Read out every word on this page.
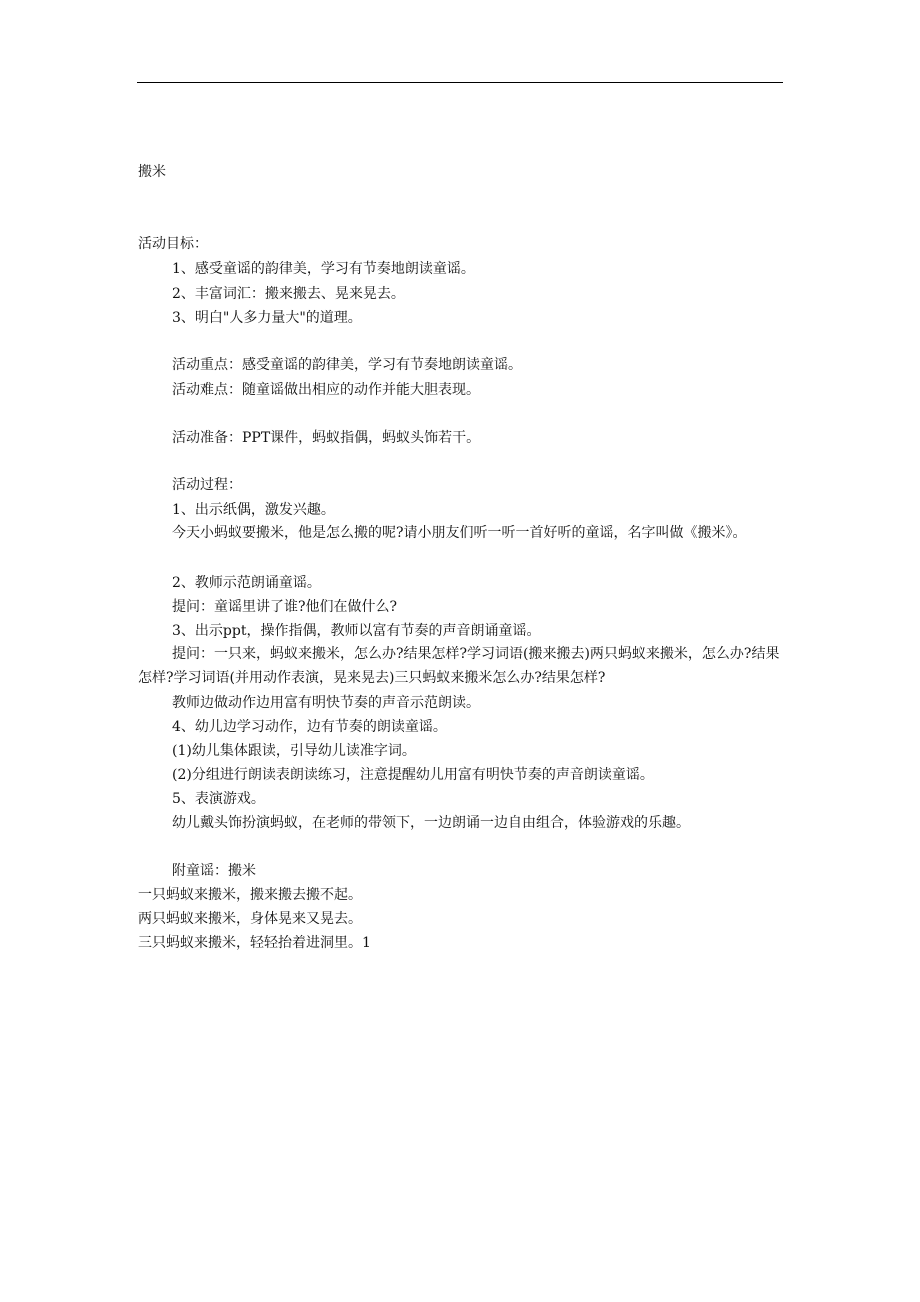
搬米
活动目标：
1、感受童谣的韵律美，学习有节奏地朗读童谣。
2、丰富词汇：搬来搬去、晃来晃去。
3、明白"人多力量大"的道理。
活动重点：感受童谣的韵律美，学习有节奏地朗读童谣。
活动难点：随童谣做出相应的动作并能大胆表现。
活动准备：PPT课件，蚂蚁指偶，蚂蚁头饰若干。
活动过程：
1、出示纸偶，激发兴趣。
今天小蚂蚁要搬米，他是怎么搬的呢?请小朋友们听一听一首好听的童谣，名字叫做《搬米》。
2、教师示范朗诵童谣。
提问：童谣里讲了谁?他们在做什么?
3、出示ppt，操作指偶，教师以富有节奏的声音朗诵童谣。
提问：一只来，蚂蚁来搬米，怎么办?结果怎样?学习词语(搬来搬去)两只蚂蚁来搬米，怎么办?结果怎样?学习词语(并用动作表演，晃来晃去)三只蚂蚁来搬米怎么办?结果怎样?
教师边做动作边用富有明快节奏的声音示范朗读。
4、幼儿边学习动作，边有节奏的朗读童谣。
(1)幼儿集体跟读，引导幼儿读准字词。
(2)分组进行朗读表朗读练习，注意提醒幼儿用富有明快节奏的声音朗读童谣。
5、表演游戏。
幼儿戴头饰扮演蚂蚁，在老师的带领下，一边朗诵一边自由组合，体验游戏的乐趣。
附童谣：搬米
一只蚂蚁来搬米，搬来搬去搬不起。
两只蚂蚁来搬米，身体晃来又晃去。
三只蚂蚁来搬米，轻轻抬着进洞里。1
